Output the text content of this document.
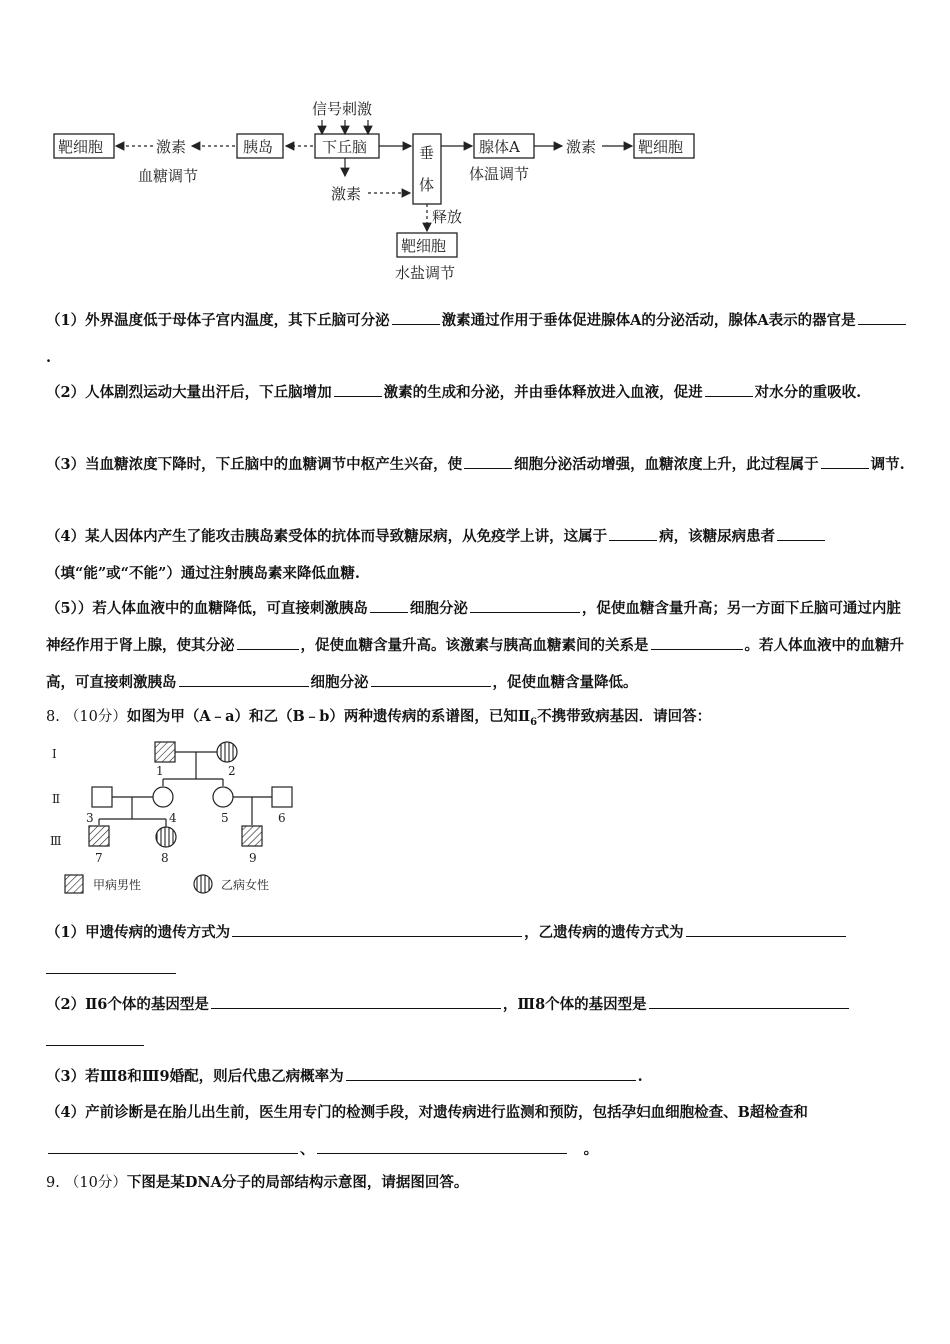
信号刺激
靶细胞	胰岛	下丘脑	垂
体
腺体A	靶细胞
靶细胞
激素
血糖调节
激素
体温调节
激素
释放
水盐调节
（1）外界温度低于母体子宫内温度，其下丘脑可分泌	激素通过作用于垂体促进腺体A的分泌活动，腺体A表示的器官是.
（2）人体剧烈运动大量出汗后，下丘脑增加	激素的生成和分泌，并由垂体释放进入血液，促进	对水分的重吸收.
（3）当血糖浓度下降时，下丘脑中的血糖调节中枢产生兴奋，使	细胞分泌活动增强，血糖浓度上升，此过程属于	调节.
（4）某人因体内产生了能攻击胰岛素受体的抗体而导致糖尿病，从免疫学上讲，这属于	病，该糖尿病患者（填“能”或“不能”）通过注射胰岛素来降低血糖.
（5））若人体血液中的血糖降低，可直接刺激胰岛	细胞分泌	，促使血糖含量升高；另一方面下丘脑可通过内脏神经作用于肾上腺，使其分泌	，促使血糖含量升高。该激素与胰高血糖素间的关系是	。若人体血液中的血糖升高，可直接刺激胰岛	细胞分泌	，促使血糖含量降低。
8. （10分）如图为甲（A﹣a）和乙（B﹣b）两种遗传病的系谱图，已知$Ⅱ_6$不携带致病基因．请回答：
Ⅰ
Ⅱ
Ⅲ
1	2
3	4	5	6
7	8	9
甲病男性	乙病女性
（1）甲遗传病的遗传方式为	，乙遗传病的遗传方式为

（2）Ⅱ6个体的基因型是	，Ⅲ8个体的基因型是

（3）若Ⅲ8和Ⅲ9婚配，则后代患乙病概率为	.
（4）产前诊断是在胎儿出生前，医生用专门的检测手段，对遗传病进行监测和预防，包括孕妇血细胞检查、B超检查和、	。
9. （10分）下图是某DNA分子的局部结构示意图，请据图回答。
